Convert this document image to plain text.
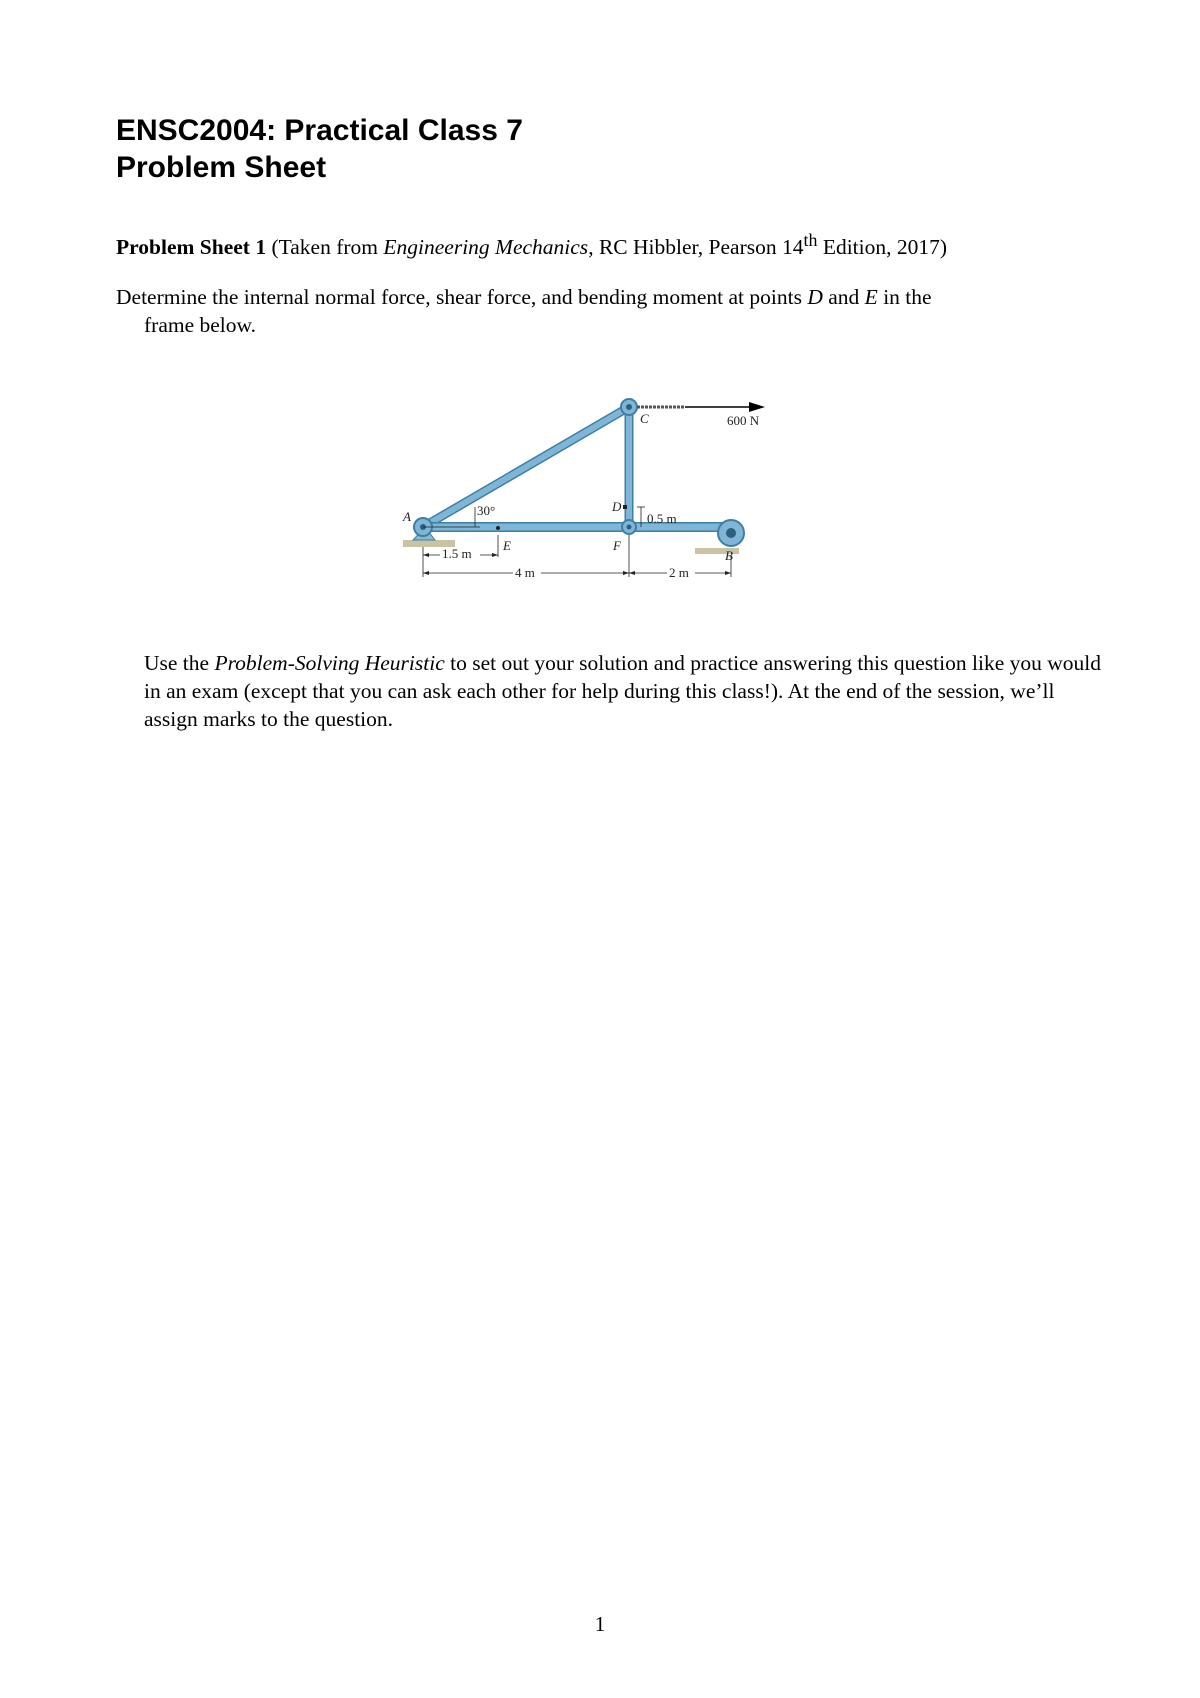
ENSC2004: Practical Class 7
Problem Sheet

Problem Sheet 1 (Taken from Engineering Mechanics, RC Hibbler, Pearson 14th Edition, 2017)

Determine the internal normal force, shear force, and bending moment at points D and E in the
frame below.

A
B
C
D
E	F
30°
600 N
0.5 m
1.5 m
4 m	2 m

Use the Problem-Solving Heuristic to set out your solution and practice answering this question like you would in an exam (except that you can ask each other for help during this class!). At the end of the session, we’ll assign marks to the question.

1
